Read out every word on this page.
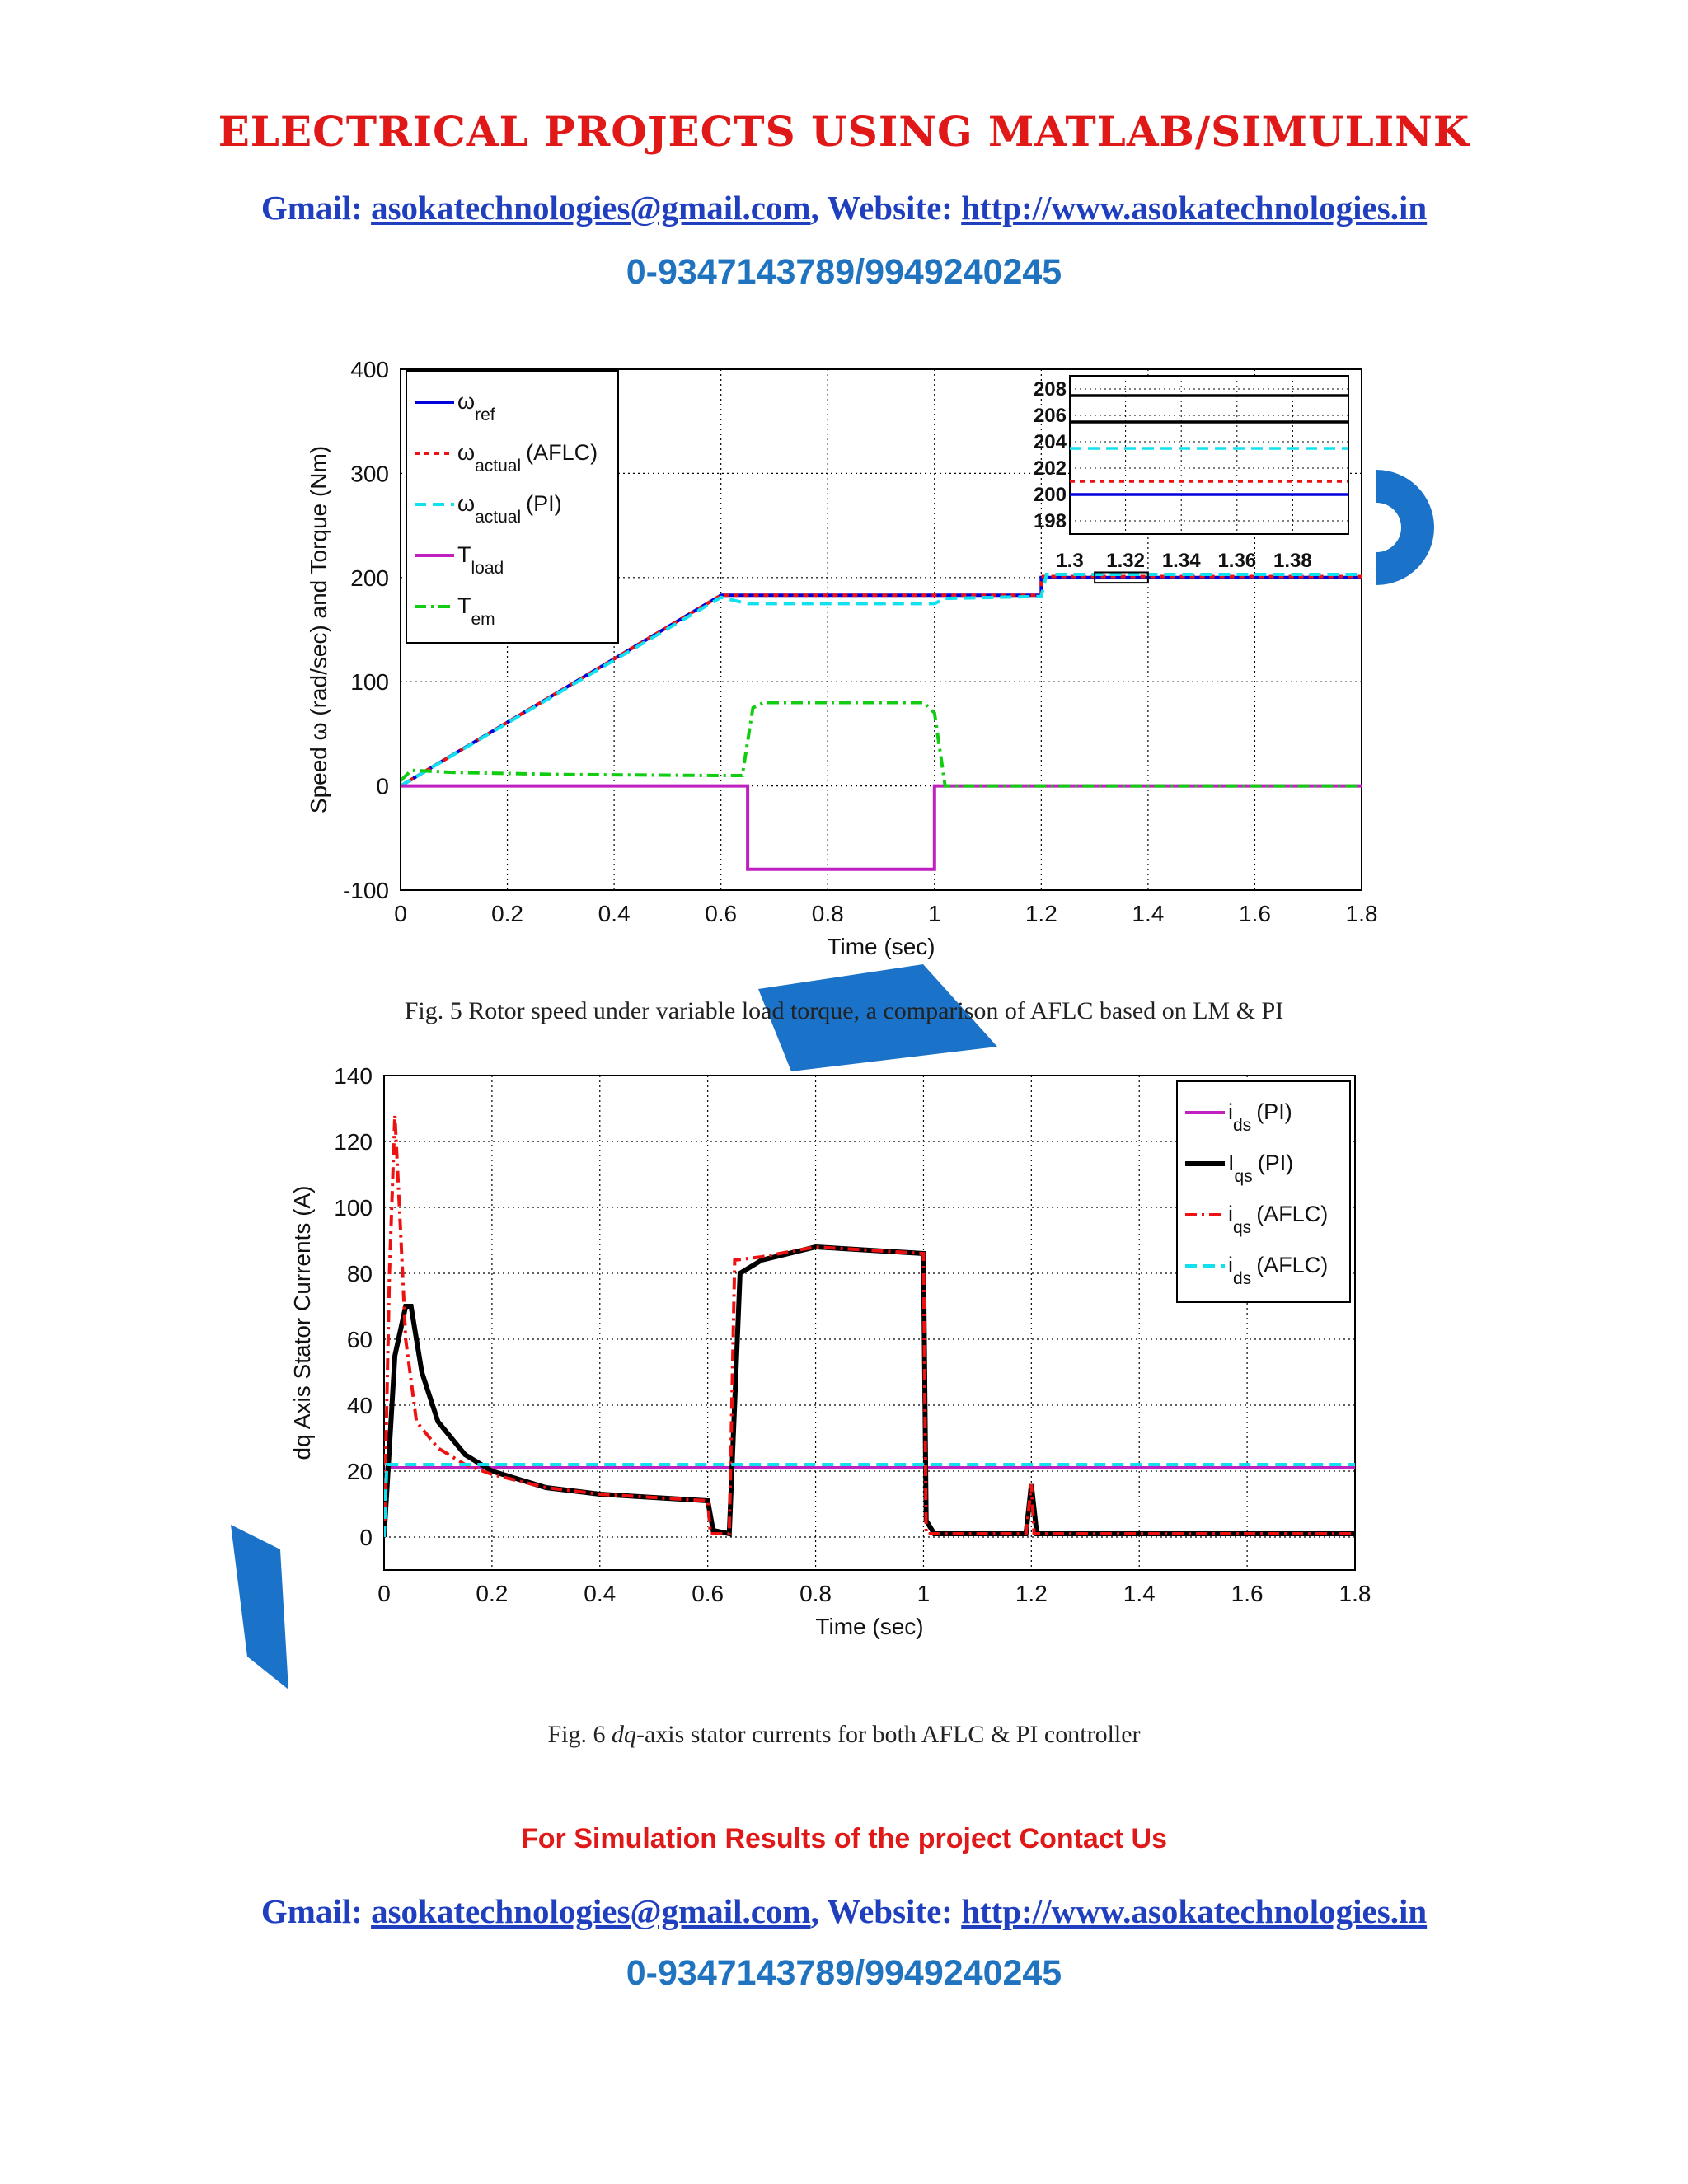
ELECTRICAL PROJECTS USING MATLAB/SIMULINK
Gmail: asokatechnologies@gmail.com, Website: http://www.asokatechnologies.in
0-9347143789/9949240245
0	0.2	0.4	0.6	0.8	1	1.2	1.4	1.6	1.8
-100
0
100
200
300
400
Time (sec)
Speed ω (rad/sec) and Torque (Nm)
$\omega_{ref}$
$\omega_{actual}(AFLC)$
$\omega_{actual}(PI)$
$T_{load}$
$T_{em}$
1.3 1.32 1.34 1.36 1.38
208
206
204
202
200
198
Fig. 5 Rotor speed under variable load torque, a comparison of AFLC based on LM & PI
0	0.2	0.4	0.6	0.8	1	1.2	1.4	1.6	1.8
0
20
40
60
80
100
120
140
Time (sec)
dq Axis Stator Currents (A)
$i_{ds}(PI)$
$I_{qs}(PI)$
$i_{qs}(AFLC)$
$i_{ds}(AFLC)$
Fig. 6 dq-axis stator currents for both AFLC & PI controller
For Simulation Results of the project Contact Us
Gmail: asokatechnologies@gmail.com, Website: http://www.asokatechnologies.in
0-9347143789/9949240245
